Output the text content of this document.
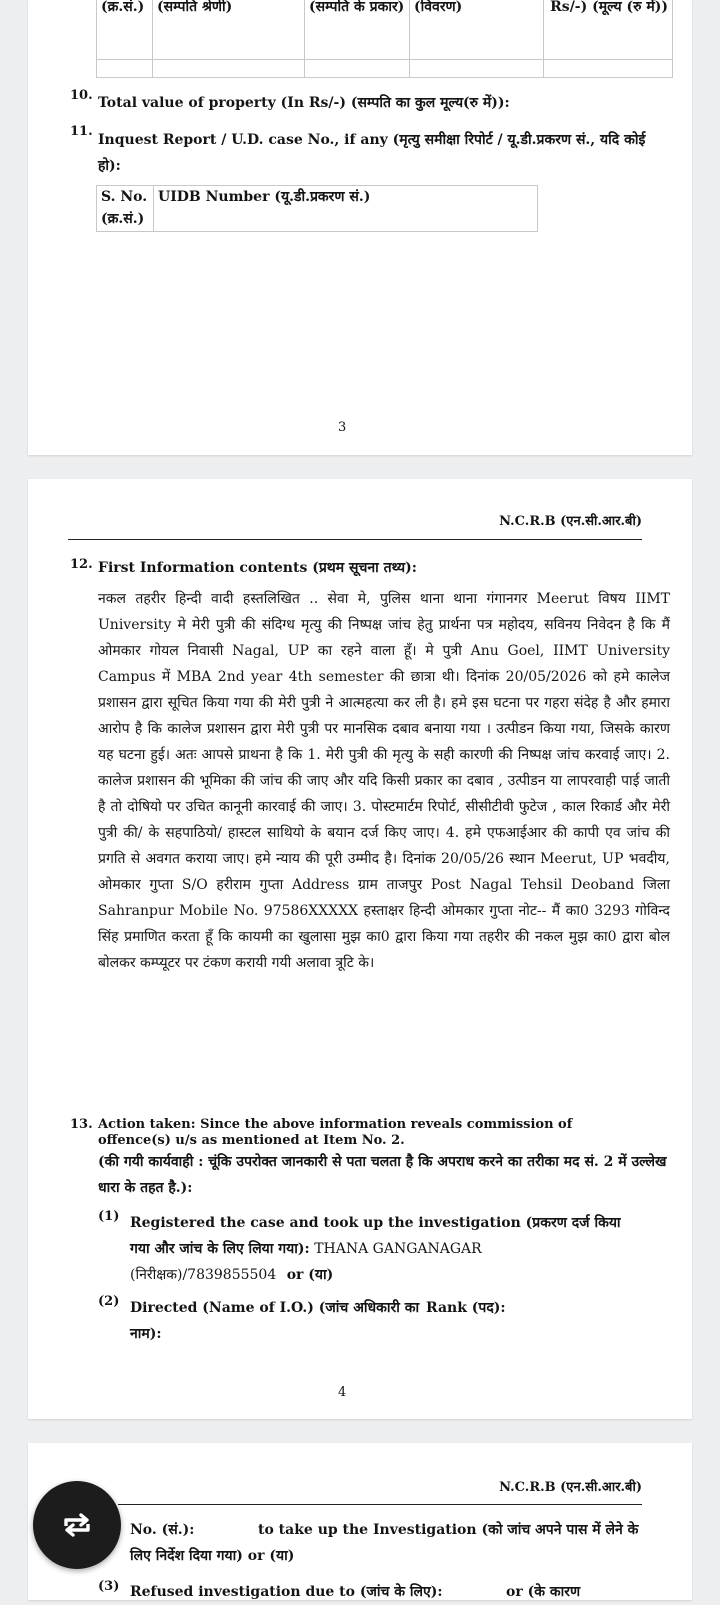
(क्र.सं.)	(सम्पति श्रेणी)	(सम्पति के प्रकार)	(विवरण)	Rs/-) (मूल्य (रु में))

10. Total value of property (In Rs/-) (सम्पति का कुल मूल्य(रु में)):
11.
Inquest Report / U.D. case No., if any (मृत्यु समीक्षा रिपोर्ट / यू.डी.प्रकरण सं., यदि कोई हो):
S. No. (क्र.सं.)	UIDB Number (यू.डी.प्रकरण सं.)
3
N.C.R.B (एन.सी.आर.बी)
12. First Information contents (प्रथम सूचना तथ्य):
नकल तहरीर हिन्दी वादी हस्तलिखित .. सेवा मे, पुलिस थाना थाना गंगानगर Meerut विषय IIMT University मे मेरी पुत्री की संदिग्ध मृत्यु की निष्पक्ष जांच हेतु प्रार्थना पत्र महोदय, सविनय निवेदन है कि मैं ओमकार गोयल निवासी Nagal, UP का रहने वाला हूँ। मे पुत्री Anu Goel, IIMT University Campus में MBA 2nd year 4th semester की छात्रा थी। दिनांक 20/05/2026 को हमे कालेज प्रशासन द्वारा सूचित किया गया की मेरी पुत्री ने आत्महत्या कर ली है। हमे इस घटना पर गहरा संदेह है और हमारा आरोप है कि कालेज प्रशासन द्वारा मेरी पुत्री पर मानसिक दबाव बनाया गया । उत्पीडन किया गया, जिसके कारण यह घटना हुई। अतः आपसे प्राथना है कि 1. मेरी पुत्री की मृत्यु के सही कारणी की निष्पक्ष जांच करवाई जाए। 2. कालेज प्रशासन की भूमिका की जांच की जाए और यदि किसी प्रकार का दबाव , उत्पीडन या लापरवाही पाई जाती है तो दोषियो पर उचित कानूनी कारवाई की जाए। 3. पोस्टमार्टम रिपोर्ट, सीसीटीवी फुटेज , काल रिकार्ड और मेरी पुत्री की/ के सहपाठियो/ हास्टल साथियो के बयान दर्ज किए जाए। 4. हमे एफआईआर की कापी एव जांच की प्रगति से अवगत कराया जाए। हमे न्याय की पूरी उम्मीद है। दिनांक 20/05/26 स्थान Meerut, UP भवदीय, ओमकार गुप्ता S/O हरीराम गुप्ता Address ग्राम ताजपुर Post Nagal Tehsil Deoband जिला Sahranpur Mobile No. 97586XXXXX हस्ताक्षर हिन्दी ओमकार गुप्ता नोट-- मैं का0 3293 गोविन्द सिंह प्रमाणित करता हूँ कि कायमी का खुलासा मुझ का0 द्वारा किया गया तहरीर की नकल मुझ का0 द्वारा बोल बोलकर कम्प्यूटर पर टंकण करायी गयी अलावा त्रूटि के।
13. Action taken: Since the above information reveals commission of offence(s) u/s as mentioned at Item No. 2.
(की गयी कार्यवाही : चूंकि उपरोक्त जानकारी से पता चलता है कि अपराध करने का तरीका मद सं. 2 में उल्लेख धारा के तहत है.):
(1) Registered the case and took up the investigation (प्रकरण दर्ज किया गया और जांच के लिए लिया गया): THANA GANGANAGAR (निरीक्षक)/7839855504 or (या)
(2) Directed (Name of I.O.) (जांच अधिकारी का नाम):
Rank (पद):
4
N.C.R.B (एन.सी.आर.बी)
No. (सं.):	to take up the Investigation (को जांच अपने पास में लेने के लिए निर्देश दिया गया) or (या)
(3) Refused investigation due to (जांच के लिए):	or (के कारण
